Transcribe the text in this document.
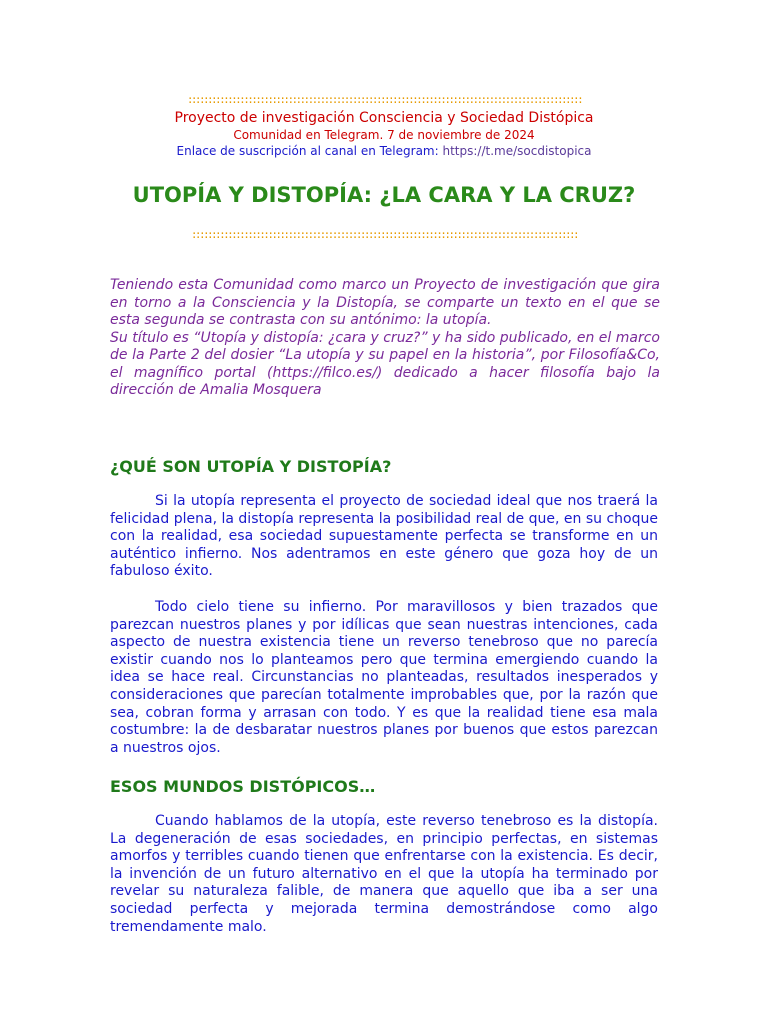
::::::::::::::::::::::::::::::::::::::::::::::::::::::::::::::::::::::::::::::::::::::::::::::::::
Proyecto de investigación Consciencia y Sociedad Distópica
Comunidad en Telegram. 7 de noviembre de 2024
Enlace de suscripción al canal en Telegram: https://t.me/socdistopica
UTOPÍA Y DISTOPÍA: ¿LA CARA Y LA CRUZ?
::::::::::::::::::::::::::::::::::::::::::::::::::::::::::::::::::::::::::::::::::::::::::::::::

Teniendo esta Comunidad como marco un Proyecto de investigación que gira en torno a la Consciencia y la Distopía, se comparte un texto en el que se esta segunda se contrasta con su antónimo: la utopía.

Su título es “Utopía y distopía: ¿cara y cruz?” y ha sido publicado, en el marco de la Parte 2 del dosier “La utopía y su papel en la historia”, por Filosofía&Co, el magnífico portal (https://filco.es/) dedicado a hacer filosofía bajo la dirección de Amalia Mosquera

¿QUÉ SON UTOPÍA Y DISTOPÍA?

Si la utopía representa el proyecto de sociedad ideal que nos traerá la felicidad plena, la distopía representa la posibilidad real de que, en su choque con la realidad, esa sociedad supuestamente perfecta se transforme en un auténtico infierno. Nos adentramos en este género que goza hoy de un fabuloso éxito.

Todo cielo tiene su infierno. Por maravillosos y bien trazados que parezcan nuestros planes y por idílicas que sean nuestras intenciones, cada aspecto de nuestra existencia tiene un reverso tenebroso que no parecía existir cuando nos lo planteamos pero que termina emergiendo cuando la idea se hace real. Circunstancias no planteadas, resultados inesperados y consideraciones que parecían totalmente improbables que, por la razón que sea, cobran forma y arrasan con todo. Y es que la realidad tiene esa mala costumbre: la de desbaratar nuestros planes por buenos que estos parezcan a nuestros ojos.

ESOS MUNDOS DISTÓPICOS…

Cuando hablamos de la utopía, este reverso tenebroso es la distopía. La degeneración de esas sociedades, en principio perfectas, en sistemas amorfos y terribles cuando tienen que enfrentarse con la existencia. Es decir, la invención de un futuro alternativo en el que la utopía ha terminado por revelar su naturaleza falible, de manera que aquello que iba a ser una sociedad perfecta y mejorada termina demostrándose como algo tremendamente malo.
